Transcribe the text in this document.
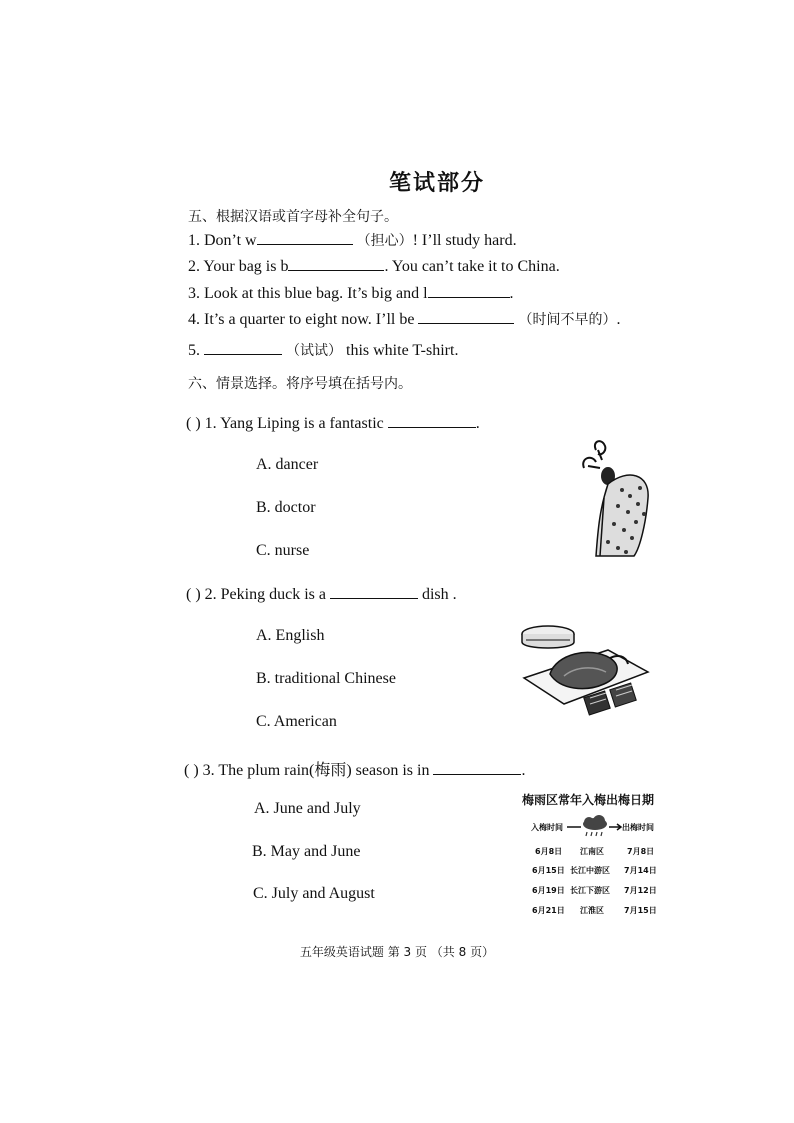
笔试部分
五、根据汉语或首字母补全句子。
1. Don’t w	（担心）! I’ll study hard.
2. Your bag is b	. You can’t take it to China.
3. Look at this blue bag. It’s big and l	.
4. It’s a quarter to eight now. I’ll be	（时间不早的）.
5.	（试试） this white T-shirt.
六、情景选择。将序号填在括号内。
( ) 1. Yang Liping is a fantastic	.
A. dancer
B. doctor
C. nurse
( ) 2. Peking duck is a	dish .
A. English
B. traditional Chinese
C. American
( ) 3. The plum rain(梅雨) season is in	.
A. June and July
B. May and June
C. July and August
梅雨区常年入梅出梅日期
入梅时间	出梅时间
6月8日 江南区	7月8日
6月15日 长江中游区 7月14日
6月19日 长江下游区 7月12日
6月21日 江淮区	7月15日
五年级英语试题 第 3 页 （共 8 页）
